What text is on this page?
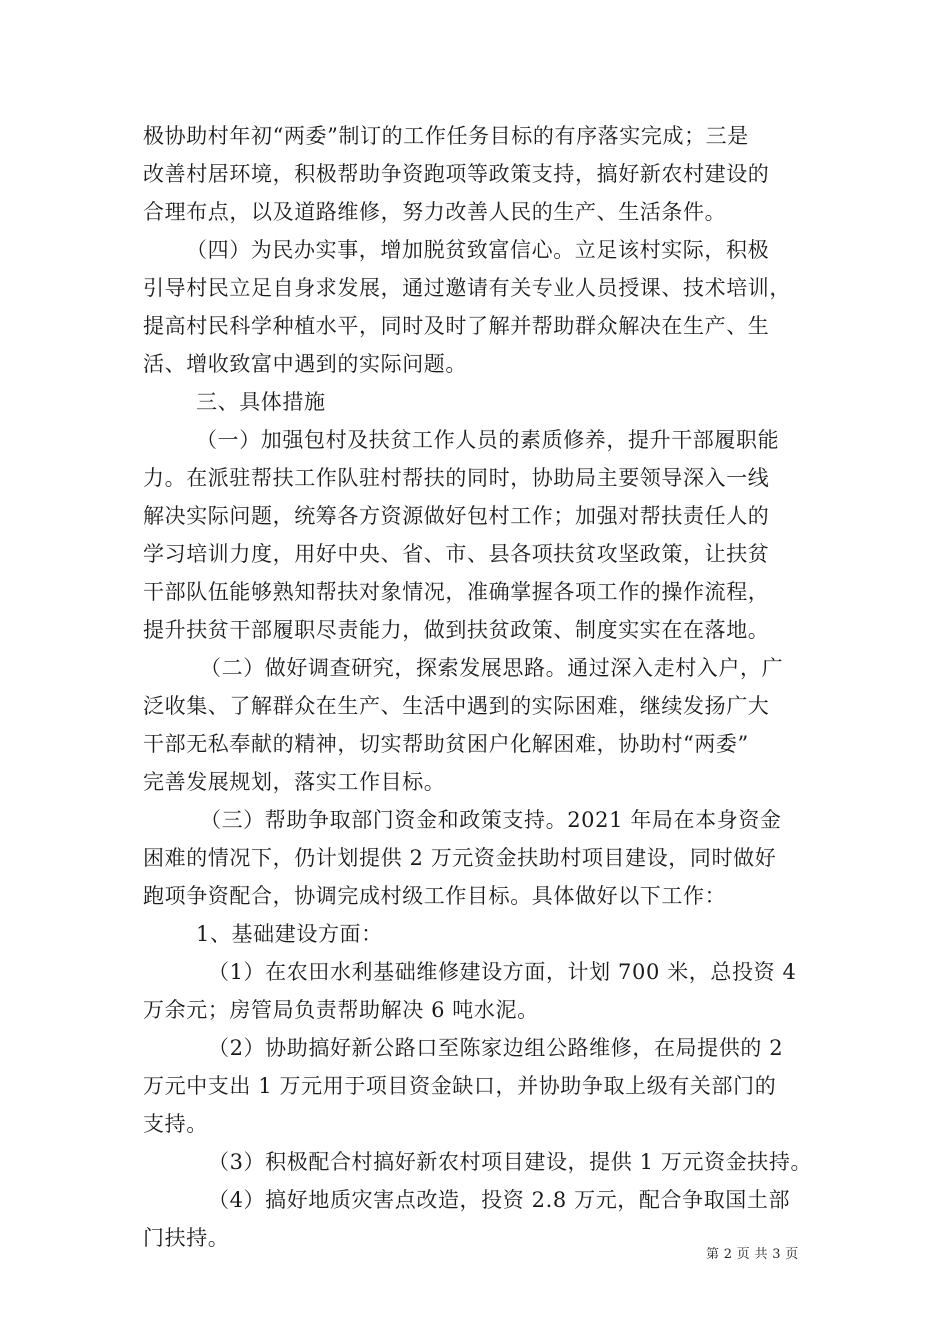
极协助村年初“两委”制订的工作任务目标的有序落实完成；三是

改善村居环境，积极帮助争资跑项等政策支持，搞好新农村建设的

合理布点，以及道路维修，努力改善人民的生产、生活条件。

（四）为民办实事，增加脱贫致富信心。立足该村实际，积极

引导村民立足自身求发展，通过邀请有关专业人员授课、技术培训，

提高村民科学种植水平，同时及时了解并帮助群众解决在生产、生

活、增收致富中遇到的实际问题。

三、具体措施

（一）加强包村及扶贫工作人员的素质修养，提升干部履职能

力。在派驻帮扶工作队驻村帮扶的同时，协助局主要领导深入一线

解决实际问题，统筹各方资源做好包村工作；加强对帮扶责任人的

学习培训力度，用好中央、省、市、县各项扶贫攻坚政策，让扶贫

干部队伍能够熟知帮扶对象情况，准确掌握各项工作的操作流程，

提升扶贫干部履职尽责能力，做到扶贫政策、制度实实在在落地。

（二）做好调查研究，探索发展思路。通过深入走村入户，广

泛收集、了解群众在生产、生活中遇到的实际困难，继续发扬广大

干部无私奉献的精神，切实帮助贫困户化解困难，协助村“两委”

完善发展规划，落实工作目标。

（三）帮助争取部门资金和政策支持。2021 年局在本身资金

困难的情况下，仍计划提供 2 万元资金扶助村项目建设，同时做好

跑项争资配合，协调完成村级工作目标。具体做好以下工作：

1、基础建设方面：

（1）在农田水利基础维修建设方面，计划 700 米，总投资 4

万余元；房管局负责帮助解决 6 吨水泥。

（2）协助搞好新公路口至陈家边组公路维修，在局提供的 2

万元中支出 1 万元用于项目资金缺口，并协助争取上级有关部门的

支持。

（3）积极配合村搞好新农村项目建设，提供 1 万元资金扶持。

（4）搞好地质灾害点改造，投资 2.8 万元，配合争取国土部

门扶持。

第 2 页 共 3 页
